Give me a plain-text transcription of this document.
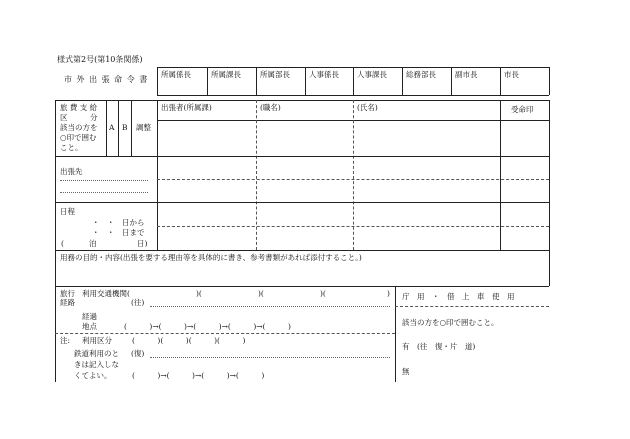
様式第2号(第10条関係)
市 外 出 張 命 令 書
所属係長	所属課長	所属部長	人事係長 人事課長	総務部長	副市長	市長
旅 費 支 給
区　　　分
該当の方を
○印で囲む
こと。
A B 調整
出張者(所属課)	(職名)	(氏名)	受命印
出張先
日程
・　・　日から
・　・　日まで
(	泊	日)
用務の目的・内容(出張を要する理由等を具体的に書き、参考書類があれば添付すること。)
旅行 利用交通機関(	)(	)(	)(	)
経路	(往)
経過
地点	(　　　)→(　　　)→(　　　)→(　　　)→(　　　)
注: 利用区分	(　　　)(　　　)(　　　)(　　　)
鉄道利用のと (復)
きは記入しな
くてよい。	(　　　)→(　　　)→(　　　)→(　　　)
庁　用　・　借　上　車　使　用
該当の方を○印で囲むこと。
有　(往　復・片　道)
無
